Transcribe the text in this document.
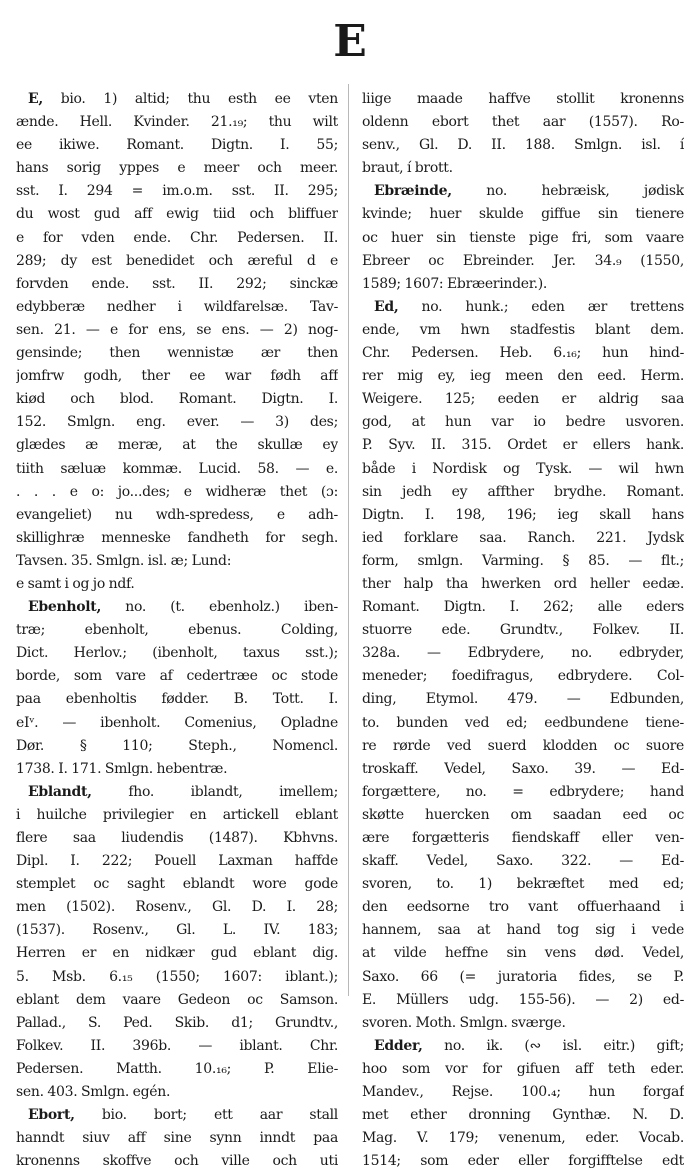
E
E, bio. 1) altid; thu esth ee vten
ænde. Hell. Kvinder. 21.₁₉; thu wilt
ee ikiwe. Romant. Digtn. I. 55;
hans sorig yppes e meer och meer.
sst. I. 294 = im.o.m. sst. II. 295;
du wost gud aff ewig tiid och bliffuer
e for vden ende. Chr. Pedersen. II.
289; dy est benedidet och æreful d e
forvden ende. sst. II. 292; sinckæ
edybberæ nedher i wildfarelsæ. Tav-
sen. 21. — e for ens, se ens. — 2) nog-
gensinde; then wennistæ ær then
jomfrw godh, ther ee war fødh aff
kiød och blod. Romant. Digtn. I.
152. Smlgn. eng. ever. — 3) des;
glædes æ meræ, at the skullæ ey
tiith sæluæ kommæ. Lucid. 58. — e.
. . . e o: jo...des; e widheræ thet (ɔ:
evangeliet) nu wdh-spredess, e adh-
skillighræ menneske fandheth for segh.
Tavsen. 35. Smlgn. isl. æ; Lund:
e samt i og jo ndf.
Ebenholt, no. (t. ebenholz.) iben-
træ; ebenholt, ebenus. Colding,
Dict. Herlov.; (ibenholt, taxus sst.);
borde, som vare af cedertræe oc stode
paa ebenholtis fødder. B. Tott. I.
eIᵛ. — ibenholt. Comenius, Opladne
Dør. § 110; Steph., Nomencl.
1738. I. 171. Smlgn. hebentræ.
Eblandt, fho. iblandt, imellem;
i huilche privilegier en artickell eblant
flere saa liudendis (1487). Kbhvns.
Dipl. I. 222; Pouell Laxman haffde
stemplet oc saght eblandt wore gode
men (1502). Rosenv., Gl. D. I. 28;
(1537). Rosenv., Gl. L. IV. 183;
Herren er en nidkær gud eblant dig.
5. Msb. 6.₁₅ (1550; 1607: iblant.);
eblant dem vaare Gedeon oc Samson.
Pallad., S. Ped. Skib. d1; Grundtv.,
Folkev. II. 396b. — iblant. Chr.
Pedersen. Matth. 10.₁₆; P. Elie-
sen. 403. Smlgn. egén.
Ebort, bio. bort; ett aar stall
hanndt siuv aff sine synn inndt paa
kronenns skoffve och ville och uti
liige maade haffve stollit kronenns
oldenn ebort thet aar (1557). Ro-
senv., Gl. D. II. 188. Smlgn. isl. í
braut, í brott.
Ebræinde, no. hebræisk, jødisk
kvinde; huer skulde giffue sin tienere
oc huer sin tienste pige fri, som vaare
Ebreer oc Ebreinder. Jer. 34.₉ (1550,
1589; 1607: Ebræerinder.).
Ed, no. hunk.; eden ær trettens
ende, vm hwn stadfestis blant dem.
Chr. Pedersen. Heb. 6.₁₆; hun hind-
rer mig ey, ieg meen den eed. Herm.
Weigere. 125; eeden er aldrig saa
god, at hun var io bedre usvoren.
P. Syv. II. 315. Ordet er ellers hank.
både i Nordisk og Tysk. — wil hwn
sin jedh ey affther brydhe. Romant.
Digtn. I. 198, 196; ieg skall hans
ied forklare saa. Ranch. 221. Jydsk
form, smlgn. Varming. § 85. — flt.;
ther halp tha hwerken ord heller eedæ.
Romant. Digtn. I. 262; alle eders
stuorre ede. Grundtv., Folkev. II.
328a. — Edbrydere, no. edbryder,
meneder; foedifragus, edbrydere. Col-
ding, Etymol. 479. — Edbunden,
to. bunden ved ed; eedbundene tiene-
re rørde ved suerd klodden oc suore
troskaff. Vedel, Saxo. 39. — Ed-
forgættere, no. = edbrydere; hand
skøtte huercken om saadan eed oc
ære forgætteris fiendskaff eller ven-
skaff. Vedel, Saxo. 322. — Ed-
svoren, to. 1) bekræftet med ed;
den eedsorne tro vant offuerhaand i
hannem, saa at hand tog sig i vede
at vilde heffne sin vens død. Vedel,
Saxo. 66 (= juratoria fides, se P.
E. Müllers udg. 155-56). — 2) ed-
svoren. Moth. Smlgn. sværge.
Edder, no. ik. (∾ isl. eitr.) gift;
hoo som vor for gifuen aff teth eder.
Mandev., Rejse. 100.₄; hun forgaf
met ether dronning Gynthæ. N. D.
Mag. V. 179; venenum, eder. Vocab.
1514; som eder eller forgifftelse edt
